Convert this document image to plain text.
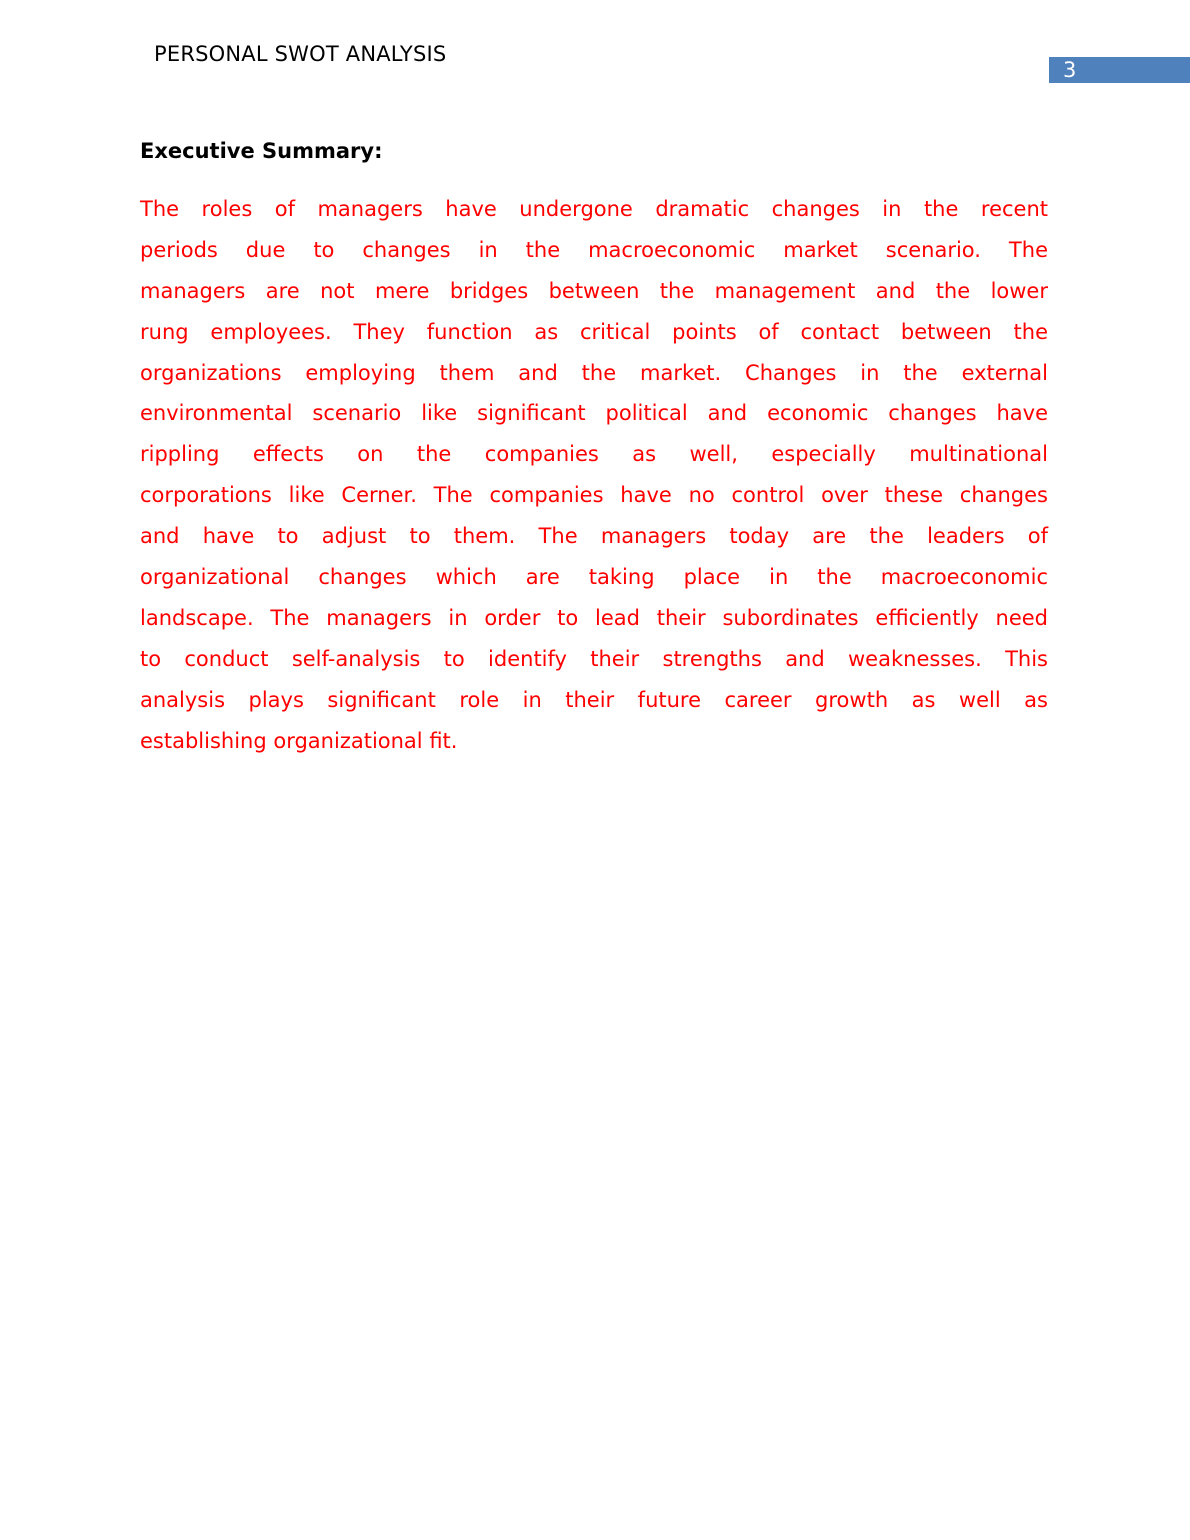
PERSONAL SWOT ANALYSIS
3
Executive Summary:
The roles of managers have undergone dramatic changes in the recent
periods due to changes in the macroeconomic market scenario. The
managers are not mere bridges between the management and the lower
rung employees. They function as critical points of contact between the
organizations employing them and the market. Changes in the external
environmental scenario like significant political and economic changes have
rippling effects on the companies as well, especially multinational
corporations like Cerner. The companies have no control over these changes
and have to adjust to them. The managers today are the leaders of
organizational changes which are taking place in the macroeconomic
landscape. The managers in order to lead their subordinates efficiently need
to conduct self-analysis to identify their strengths and weaknesses. This
analysis plays significant role in their future career growth as well as
establishing organizational fit.
